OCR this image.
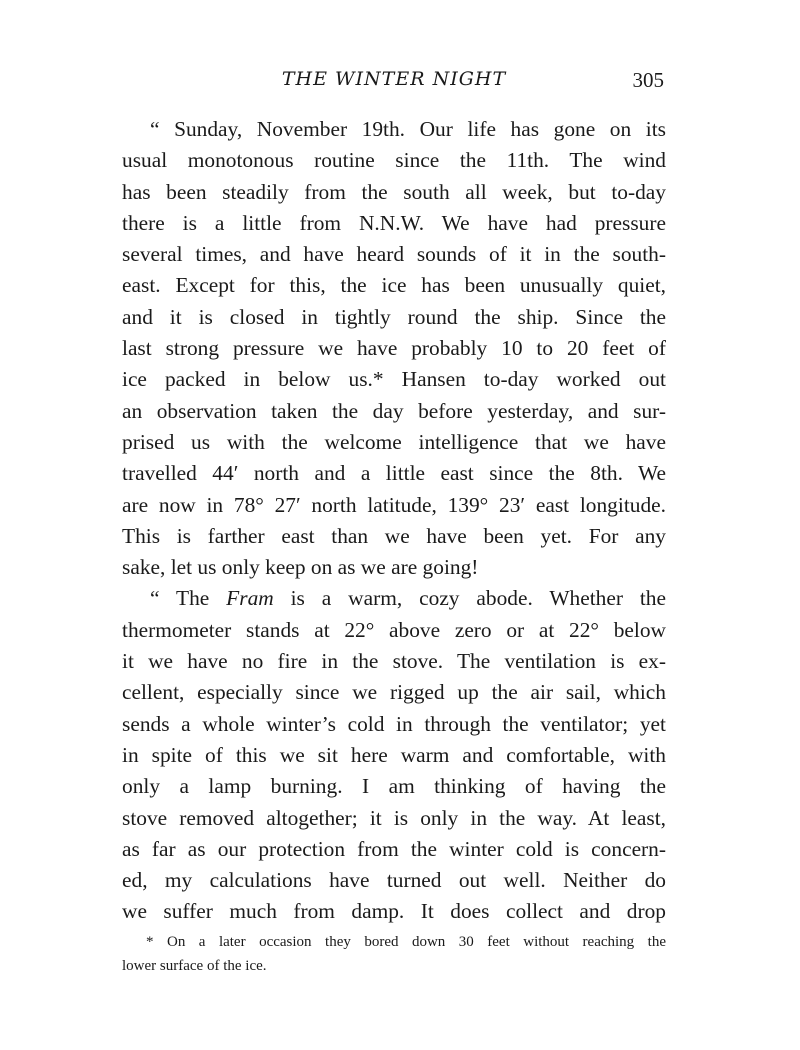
THE WINTER NIGHT	305
“ Sunday, November 19th. Our life has gone on its
usual monotonous routine since the 11th. The wind
has been steadily from the south all week, but to-day
there is a little from N.N.W. We have had pressure
several times, and have heard sounds of it in the south-
east. Except for this, the ice has been unusually quiet,
and it is closed in tightly round the ship. Since the
last strong pressure we have probably 10 to 20 feet of
ice packed in below us.* Hansen to-day worked out
an observation taken the day before yesterday, and sur-
prised us with the welcome intelligence that we have
travelled 44′ north and a little east since the 8th. We
are now in 78° 27′ north latitude, 139° 23′ east longitude.
This is farther east than we have been yet. For any
sake, let us only keep on as we are going!
“ The Fram is a warm, cozy abode. Whether the
thermometer stands at 22° above zero or at 22° below
it we have no fire in the stove. The ventilation is ex-
cellent, especially since we rigged up the air sail, which
sends a whole winter’s cold in through the ventilator; yet
in spite of this we sit here warm and comfortable, with
only a lamp burning. I am thinking of having the
stove removed altogether; it is only in the way. At least,
as far as our protection from the winter cold is concern-
ed, my calculations have turned out well. Neither do
we suffer much from damp. It does collect and drop
* On a later occasion they bored down 30 feet without reaching the
lower surface of the ice.
